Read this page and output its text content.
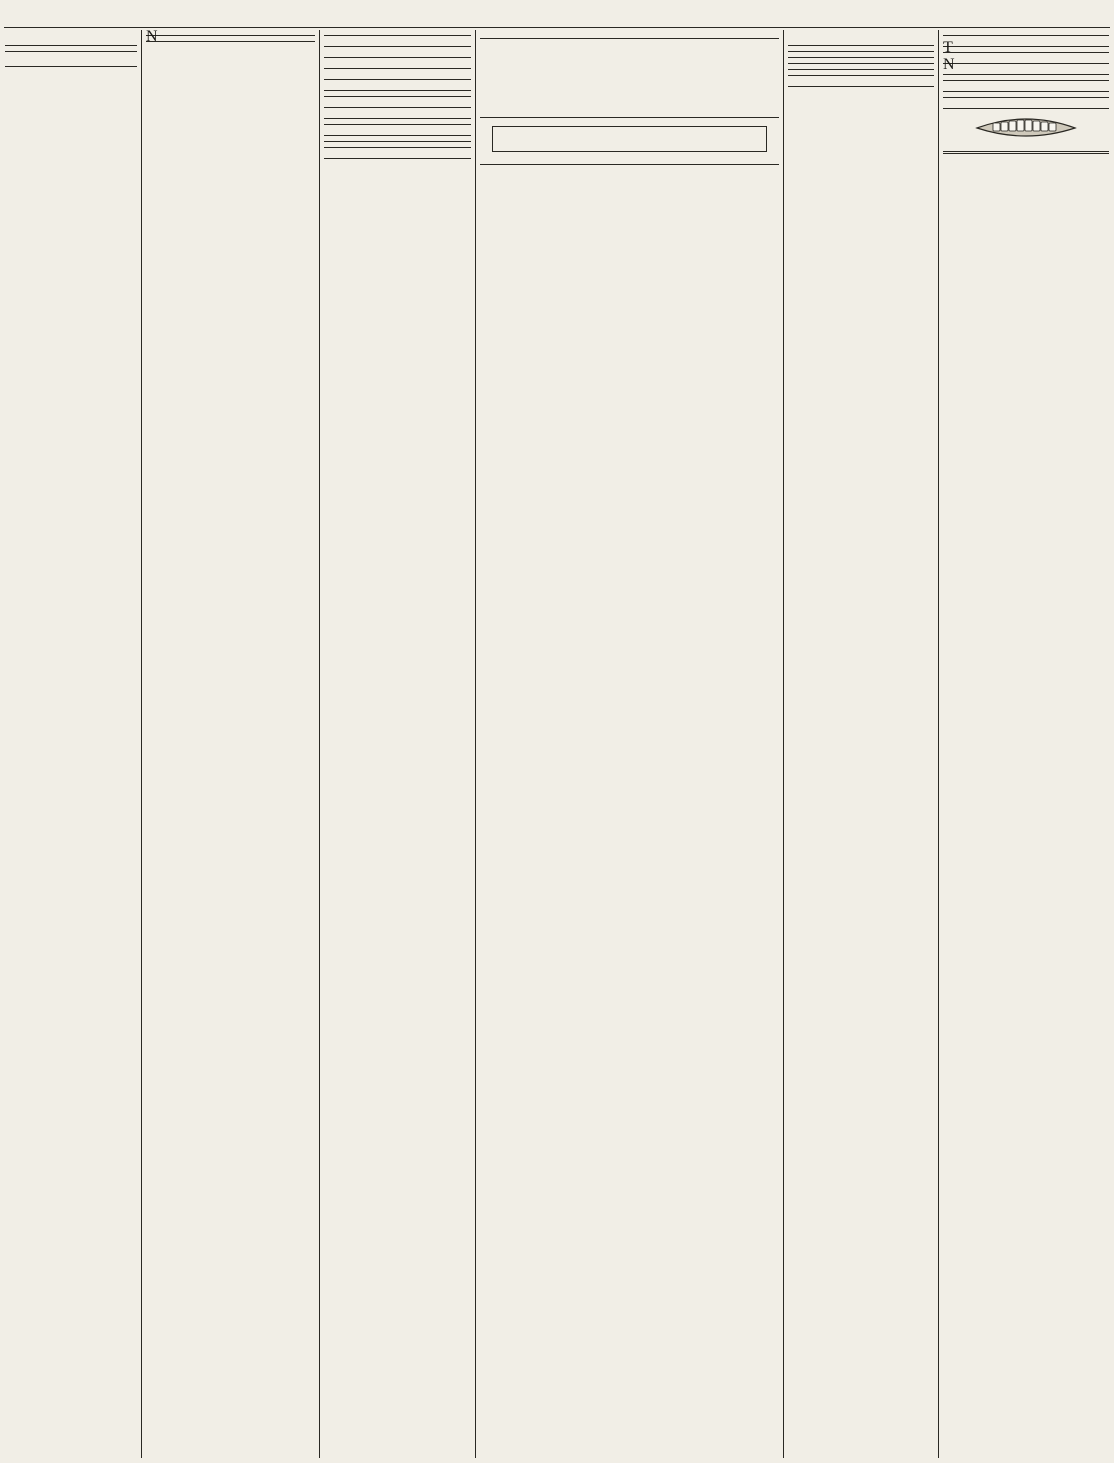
N

T

N
